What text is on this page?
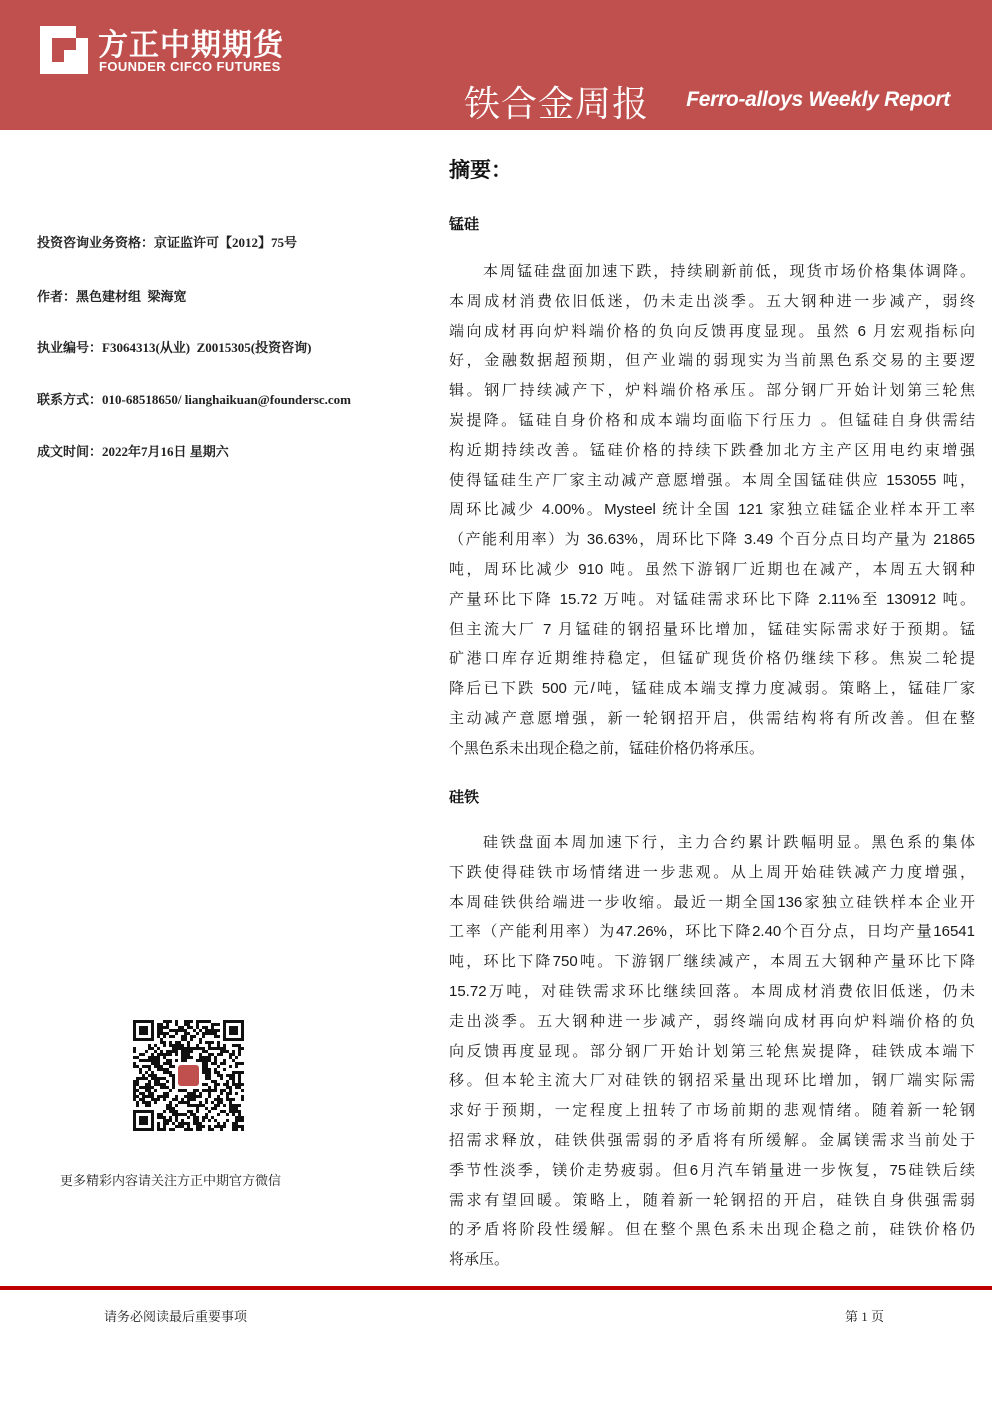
方正中期期货
FOUNDER CIFCO FUTURES
铁合金周报 Ferro-alloys Weekly Report
投资咨询业务资格：京证监许可【2012】75号
作者：黑色建材组  梁海宽
执业编号：F3064313(从业)  Z0015305(投资咨询)
联系方式：010-68518650/ lianghaikuan@foundersc.com
成文时间：2022年7月16日 星期六
更多精彩内容请关注方正中期官方微信
摘要：
锰硅
本周锰硅盘面加速下跌，持续刷新前低，现货市场价格集体调降。
本周成材消费依旧低迷，仍未走出淡季。五大钢种进一步减产，弱终
端向成材再向炉料端价格的负向反馈再度显现。虽然 6 月宏观指标向
好，金融数据超预期，但产业端的弱现实为当前黑色系交易的主要逻
辑。钢厂持续减产下，炉料端价格承压。部分钢厂开始计划第三轮焦
炭提降。锰硅自身价格和成本端均面临下行压力 。但锰硅自身供需结
构近期持续改善。锰硅价格的持续下跌叠加北方主产区用电约束增强
使得锰硅生产厂家主动减产意愿增强。本周全国锰硅供应 153055 吨，
周环比减少 4.00%。Mysteel 统计全国 121 家独立硅锰企业样本开工率
（产能利用率）为 36.63%，周环比下降 3.49 个百分点日均产量为 21865
吨，周环比减少 910 吨。虽然下游钢厂近期也在减产，本周五大钢种
产量环比下降 15.72 万吨。对锰硅需求环比下降 2.11%至 130912 吨。
但主流大厂 7 月锰硅的钢招量环比增加，锰硅实际需求好于预期。锰
矿港口库存近期维持稳定，但锰矿现货价格仍继续下移。焦炭二轮提
降后已下跌 500 元/吨，锰硅成本端支撑力度减弱。策略上，锰硅厂家
主动减产意愿增强，新一轮钢招开启，供需结构将有所改善。但在整
个黑色系未出现企稳之前，锰硅价格仍将承压。
硅铁
硅铁盘面本周加速下行，主力合约累计跌幅明显。黑色系的集体
下跌使得硅铁市场情绪进一步悲观。从上周开始硅铁减产力度增强，
本周硅铁供给端进一步收缩。最近一期全国136家独立硅铁样本企业开
工率（产能利用率）为47.26%，环比下降2.40个百分点，日均产量16541
吨，环比下降750吨。下游钢厂继续减产，本周五大钢种产量环比下降
15.72万吨，对硅铁需求环比继续回落。本周成材消费依旧低迷，仍未
走出淡季。五大钢种进一步减产，弱终端向成材再向炉料端价格的负
向反馈再度显现。部分钢厂开始计划第三轮焦炭提降，硅铁成本端下
移。但本轮主流大厂对硅铁的钢招采量出现环比增加，钢厂端实际需
求好于预期，一定程度上扭转了市场前期的悲观情绪。随着新一轮钢
招需求释放，硅铁供强需弱的矛盾将有所缓解。金属镁需求当前处于
季节性淡季，镁价走势疲弱。但6月汽车销量进一步恢复，75硅铁后续
需求有望回暖。策略上，随着新一轮钢招的开启，硅铁自身供强需弱
的矛盾将阶段性缓解。但在整个黑色系未出现企稳之前，硅铁价格仍
将承压。
请务必阅读最后重要事项	第 1 页
